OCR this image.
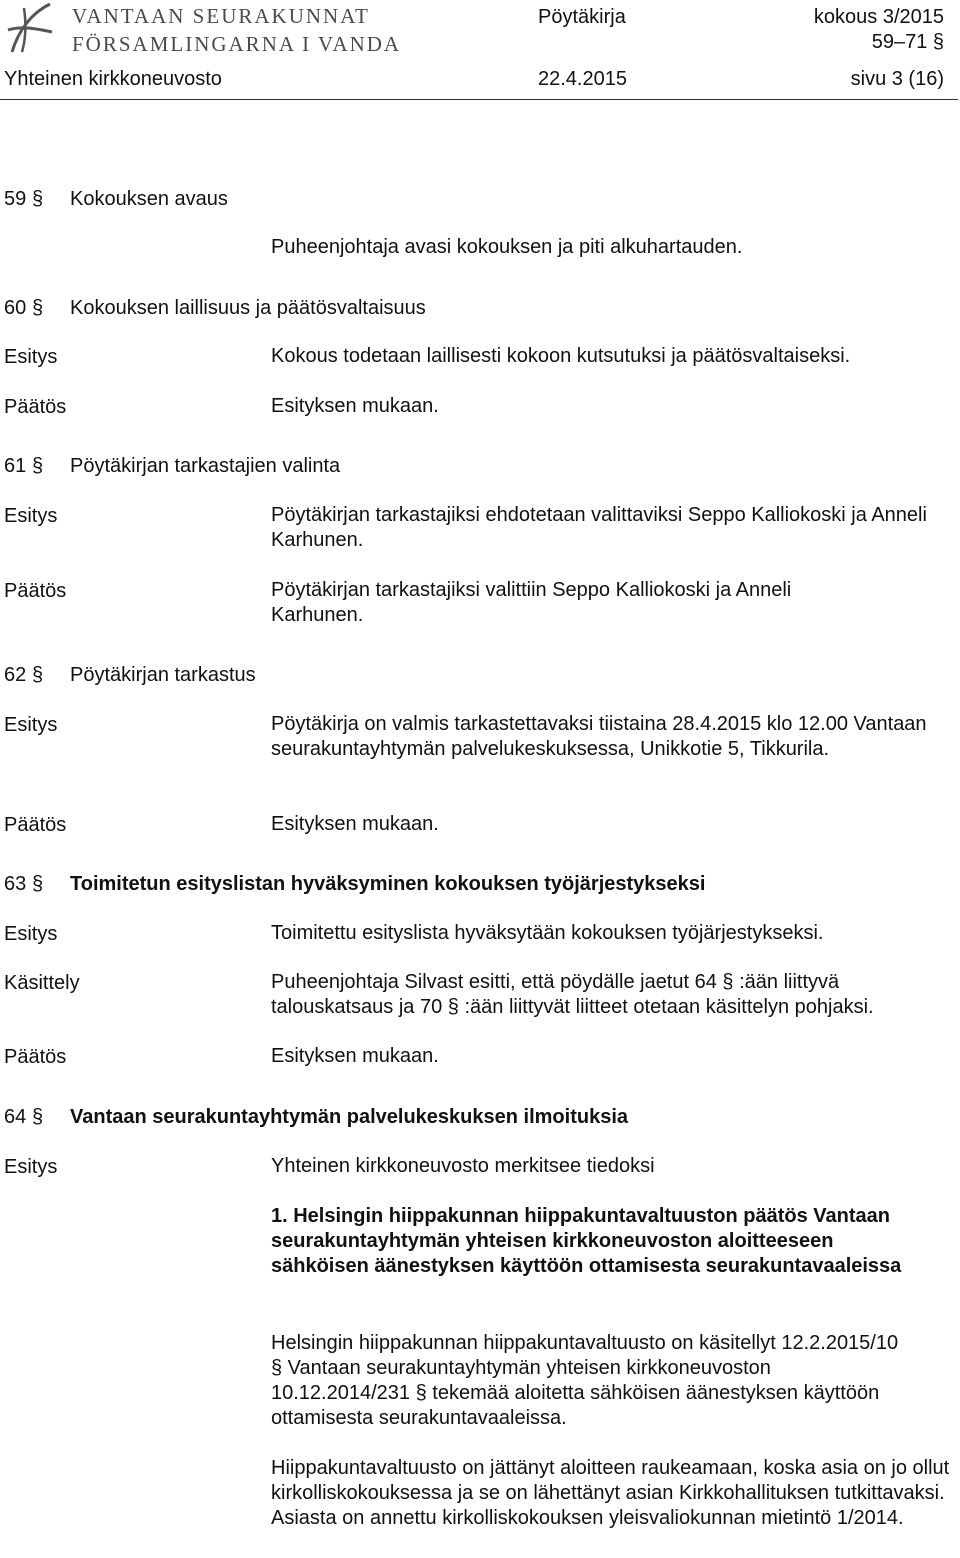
VANTAAN SEURAKUNNAT
FÖRSAMLINGARNA I VANDA
Pöytäkirja	kokous 3/2015
59–71 §
Yhteinen kirkkoneuvosto	22.4.2015	sivu 3 (16)
59 § Kokouksen avaus
Puheenjohtaja avasi kokouksen ja piti alkuhartauden.
60 § Kokouksen laillisuus ja päätösvaltaisuus
Esitys	Kokous todetaan laillisesti kokoon kutsutuksi ja päätösvaltaiseksi.
Päätös	Esityksen mukaan.
61 § Pöytäkirjan tarkastajien valinta
Esitys	Pöytäkirjan tarkastajiksi ehdotetaan valittaviksi Seppo Kalliokoski ja Anneli Karhunen.
Päätös	Pöytäkirjan tarkastajiksi valittiin Seppo Kalliokoski ja Anneli Karhunen.
62 § Pöytäkirjan tarkastus
Esitys	Pöytäkirja on valmis tarkastettavaksi tiistaina 28.4.2015 klo 12.00 Vantaan seurakuntayhtymän palvelukeskuksessa, Unikkotie 5, Tikkurila.
Päätös	Esityksen mukaan.
63 § Toimitetun esityslistan hyväksyminen kokouksen työjärjestykseksi
Esitys	Toimitettu esityslista hyväksytään kokouksen työjärjestykseksi.
Käsittely	Puheenjohtaja Silvast esitti, että pöydälle jaetut 64 § :ään liittyvä talouskatsaus ja 70 § :ään liittyvät liitteet otetaan käsittelyn pohjaksi.
Päätös	Esityksen mukaan.
64 § Vantaan seurakuntayhtymän palvelukeskuksen ilmoituksia
Esitys	Yhteinen kirkkoneuvosto merkitsee tiedoksi
1. Helsingin hiippakunnan hiippakuntavaltuuston päätös Vantaan seurakuntayhtymän yhteisen kirkkoneuvoston aloitteeseen sähköisen äänestyksen käyttöön ottamisesta seurakuntavaaleissa
Helsingin hiippakunnan hiippakuntavaltuusto on käsitellyt 12.2.2015/10 § Vantaan seurakuntayhtymän yhteisen kirkkoneuvoston 10.12.2014/231 § tekemää aloitetta sähköisen äänestyksen käyttöön ottamisesta seurakuntavaaleissa.
Hiippakuntavaltuusto on jättänyt aloitteen raukeamaan, koska asia on jo ollut kirkolliskokouksessa ja se on lähettänyt asian Kirkkohallituksen tutkittavaksi. Asiasta on annettu kirkolliskokouksen yleisvaliokunnan mietintö 1/2014.
